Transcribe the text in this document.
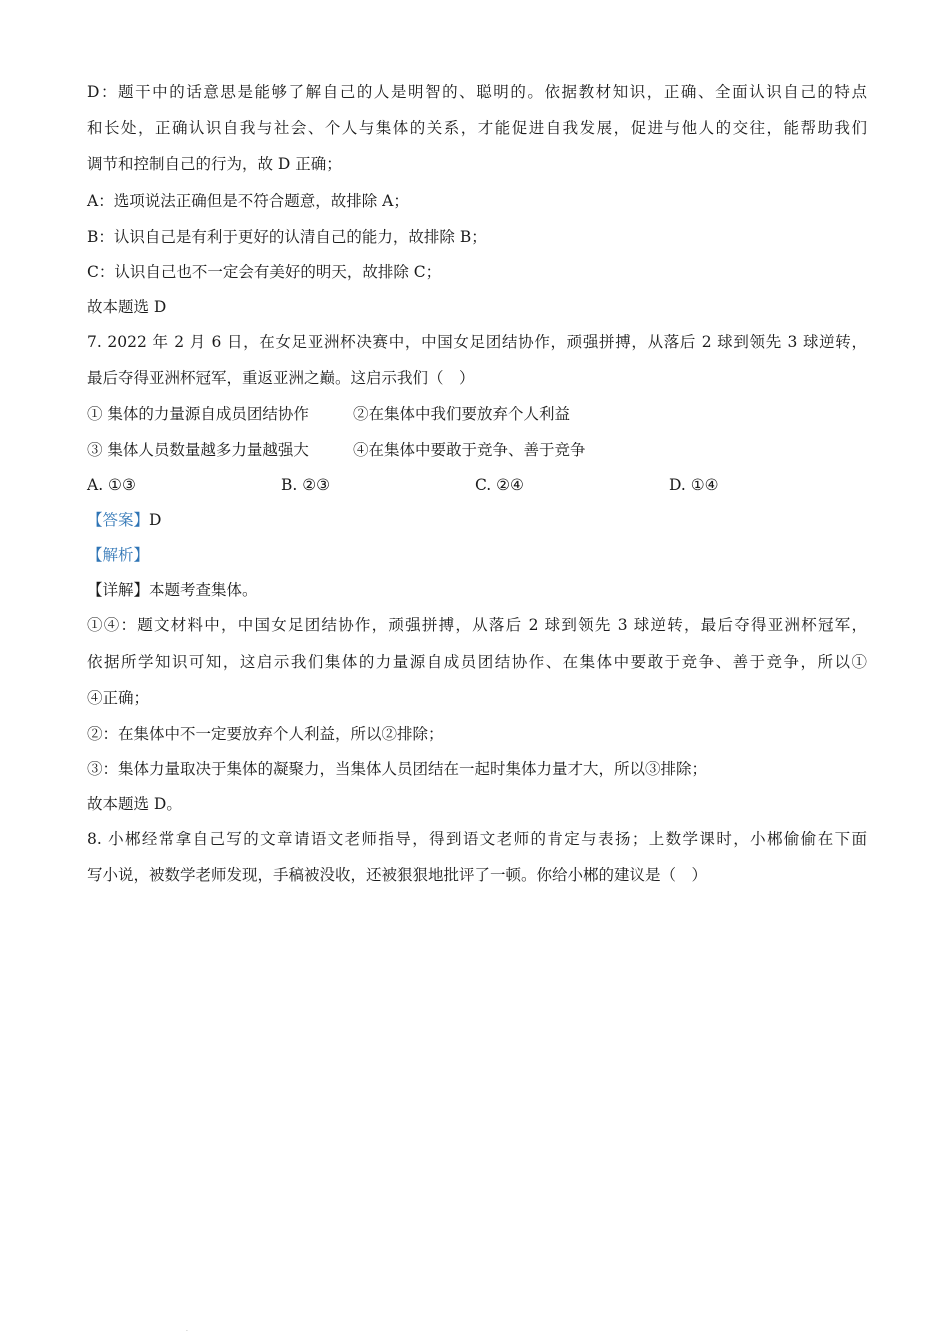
D：题干中的话意思是能够了解自己的人是明智的、聪明的。依据教材知识，正确、全面认识自己的特点
和长处，正确认识自我与社会、个人与集体的关系，才能促进自我发展，促进与他人的交往，能帮助我们
调节和控制自己的行为，故 D 正确；
A：选项说法正确但是不符合题意，故排除 A；
B：认识自己是有利于更好的认清自己的能力，故排除 B；
C：认识自己也不一定会有美好的明天，故排除 C；
故本题选 D
7. 2022 年 2 月 6 日，在女足亚洲杯决赛中，中国女足团结协作，顽强拼搏，从落后 2 球到领先 3 球逆转，
最后夺得亚洲杯冠军，重返亚洲之巅。这启示我们（　）
① 集体的力量源自成员团结协作	②在集体中我们要放弃个人利益
③ 集体人员数量越多力量越强大	④在集体中要敢于竞争、善于竞争
A. ①③	B. ②③	C. ②④	D. ①④
【答案】D
【解析】
【详解】本题考查集体。
①④：题文材料中，中国女足团结协作，顽强拼搏，从落后 2 球到领先 3 球逆转，最后夺得亚洲杯冠军，
依据所学知识可知，这启示我们集体的力量源自成员团结协作、在集体中要敢于竞争、善于竞争，所以①
④正确；
②：在集体中不一定要放弃个人利益，所以②排除；
③：集体力量取决于集体的凝聚力，当集体人员团结在一起时集体力量才大，所以③排除；
故本题选 D。
8. 小郴经常拿自己写的文章请语文老师指导，得到语文老师的肯定与表扬；上数学课时，小郴偷偷在下面
写小说，被数学老师发现，手稿被没收，还被狠狠地批评了一顿。你给小郴的建议是（　）
·
